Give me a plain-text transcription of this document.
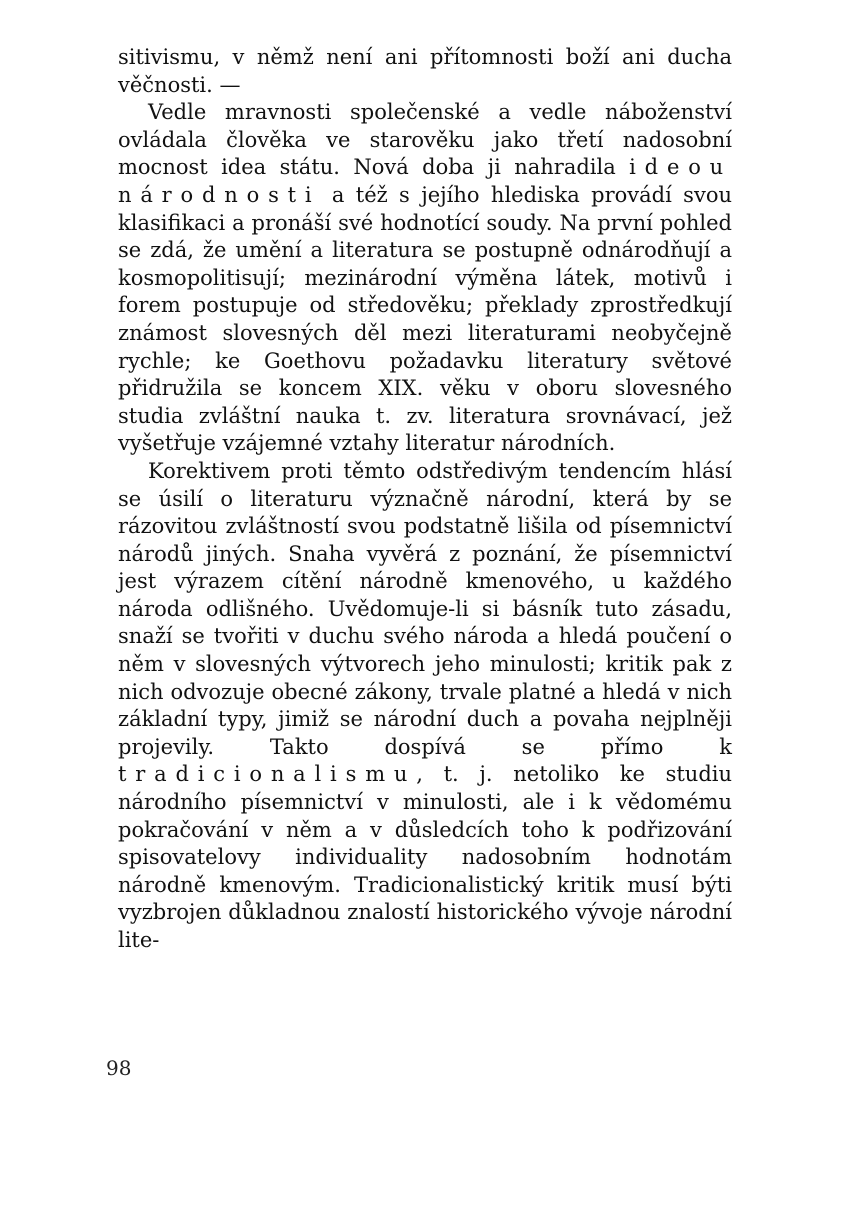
sitivismu, v němž není ani přítomnosti boží ani ducha věčnosti. —

Vedle mravnosti společenské a vedle náboženství ovládala člověka ve starověku jako třetí nadosobní mocnost idea státu. Nová doba ji nahradila ideou národnosti a též s jejího hlediska provádí svou klasifikaci a pronáší své hodnotící soudy. Na první pohled se zdá, že umění a literatura se postupně odnárodňují a kosmopolitisují; mezinárodní výměna látek, motivů i forem postupuje od středověku; překlady zprostředkují známost slovesných děl mezi literaturami neobyčejně rychle; ke Goethovu požadavku literatury světové přidružila se koncem XIX. věku v oboru slovesného studia zvláštní nauka t. zv. literatura srovnávací, jež vyšetřuje vzájemné vztahy literatur národních.

Korektivem proti těmto odstředivým tendencím hlásí se úsilí o literaturu význačně národní, která by se rázovitou zvláštností svou podstatně lišila od písemnictví národů jiných. Snaha vyvěrá z poznání, že písemnictví jest výrazem cítění národně kmenového, u každého národa odlišného. Uvědomuje-li si básník tuto zásadu, snaží se tvořiti v duchu svého národa a hledá poučení o něm v slovesných výtvorech jeho minulosti; kritik pak z nich odvozuje obecné zákony, trvale platné a hledá v nich základní typy, jimiž se národní duch a povaha nejplněji projevily. Takto dospívá se přímo k tradicionalismu, t. j. netoliko ke studiu národního písemnictví v minulosti, ale i k vědomému pokračování v něm a v důsledcích toho k podřizování spisovatelovy individuality nadosobním hodnotám národně kmenovým. Tradicionalistický kritik musí býti vyzbrojen důkladnou znalostí historického vývoje národní lite-

98
